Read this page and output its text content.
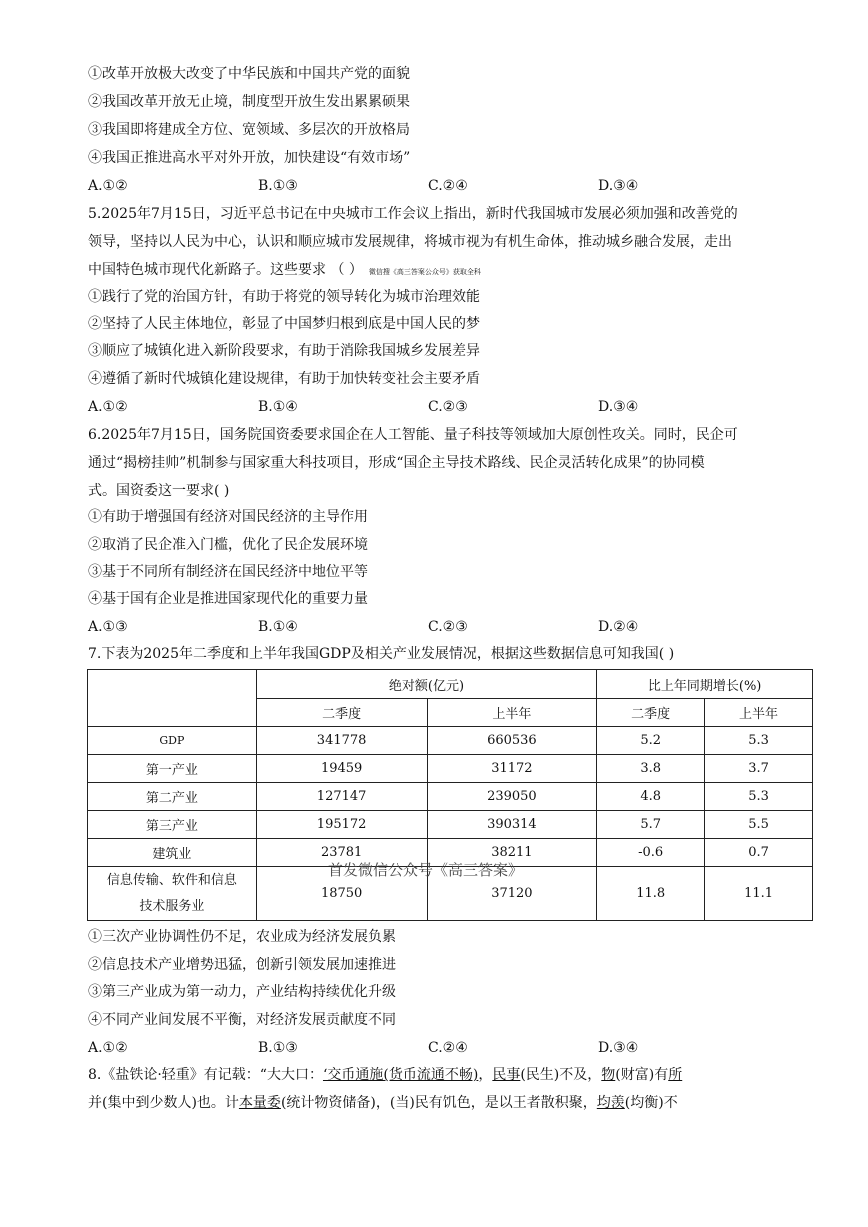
①改革开放极大改变了中华民族和中国共产党的面貌
②我国改革开放无止境，制度型开放生发出累累硕果
③我国即将建成全方位、宽领域、多层次的开放格局
④我国正推进高水平对外开放，加快建设“有效市场”
A.①②	B.①③	C.②④	D.③④
5.2025年7月15日，习近平总书记在中央城市工作会议上指出，新时代我国城市发展必须加强和改善党的
领导，坚持以人民为中心，认识和顺应城市发展规律，将城市视为有机生命体，推动城乡融合发展，走出
中国特色城市现代化新路子。这些要求 （ ） 微信搜《高三答案公众号》获取全科
①践行了党的治国方针，有助于将党的领导转化为城市治理效能
②坚持了人民主体地位，彰显了中国梦归根到底是中国人民的梦
③顺应了城镇化进入新阶段要求，有助于消除我国城乡发展差异
④遵循了新时代城镇化建设规律，有助于加快转变社会主要矛盾
A.①②	B.①④	C.②③	D.③④
6.2025年7月15日，国务院国资委要求国企在人工智能、量子科技等领域加大原创性攻关。同时，民企可
通过“揭榜挂帅”机制参与国家重大科技项目，形成“国企主导技术路线、民企灵活转化成果”的协同模
式。国资委这一要求( )
①有助于增强国有经济对国民经济的主导作用
②取消了民企准入门槛，优化了民企发展环境
③基于不同所有制经济在国民经济中地位平等
④基于国有企业是推进国家现代化的重要力量
A.①③	B.①④	C.②③	D.②④
7.下表为2025年二季度和上半年我国GDP及相关产业发展情况，根据这些数据信息可知我国( )
	绝对额(亿元)		比上年同期增长(%)	
	二季度	上半年	二季度	上半年
GDP	341778	660536	5.2	5.3
第一产业	19459	31172	3.8	3.7
第二产业	127147	239050	4.8	5.3
第三产业	195172	390314	5.7	5.5
建筑业	23781	38211	-0.6	0.7

信息传输、软件和信息
技术服务业	18750	37120	11.8	11.1
首发微信公众号《高三答案》
①三次产业协调性仍不足，农业成为经济发展负累
②信息技术产业增势迅猛，创新引领发展加速推进
③第三产业成为第一动力，产业结构持续优化升级
④不同产业间发展不平衡，对经济发展贡献度不同
A.①②	B.①③	C.②④	D.③④
8.《盐铁论·轻重》有记载：“大大口：‘交币通施(货币流通不畅)，民事(民生)不及，物(财富)有所
并(集中到少数人)也。计本量委(统计物资储备)，(当)民有饥色，是以王者散积聚，均羡(均衡)不
